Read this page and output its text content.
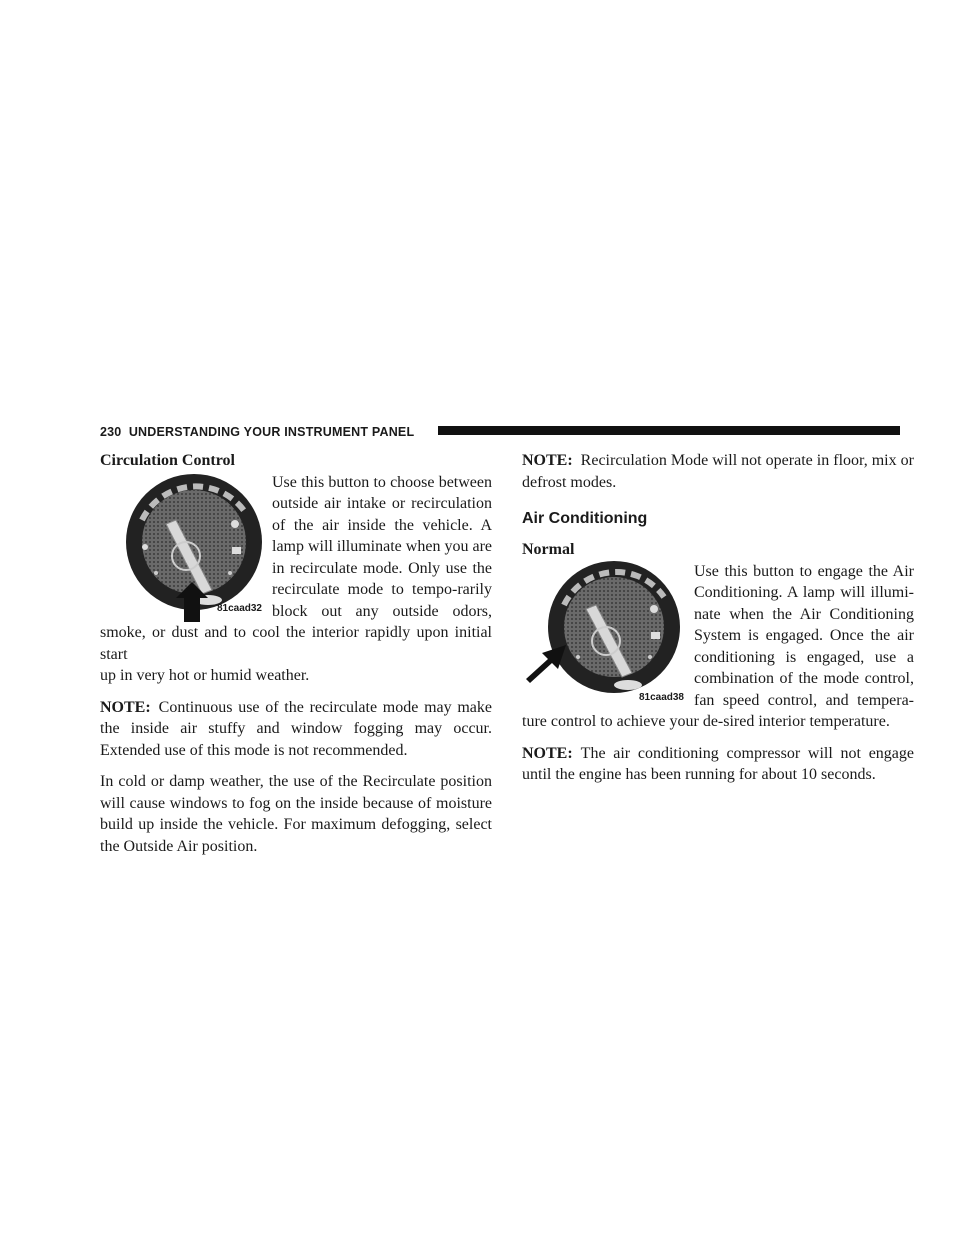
230 UNDERSTANDING YOUR INSTRUMENT PANEL

Circulation Control

81caad32
Use this button to choose between outside air intake or recirculation of the air inside the vehicle. A lamp will illuminate when you are in recirculate mode. Only use the recirculate mode to tempo-rarily block out any outside odors, smoke, or dust and to cool the interior rapidly upon initial start

up in very hot or humid weather.

NOTE: Continuous use of the recirculate mode may make the inside air stuffy and window fogging may occur. Extended use of this mode is not recommended.

In cold or damp weather, the use of the Recirculate position will cause windows to fog on the inside because of moisture build up inside the vehicle. For maximum defogging, select the Outside Air position.

NOTE: Recirculation Mode will not operate in floor, mix or defrost modes.

Air Conditioning

Normal

81caad38
Use this button to engage the Air Conditioning. A lamp will illumi-nate when the Air Conditioning System is engaged. Once the air conditioning is engaged, use a combination of the mode control, fan speed control, and tempera-ture control to achieve your de-sired interior temperature.

NOTE: The air conditioning compressor will not engage until the engine has been running for about 10 seconds.
